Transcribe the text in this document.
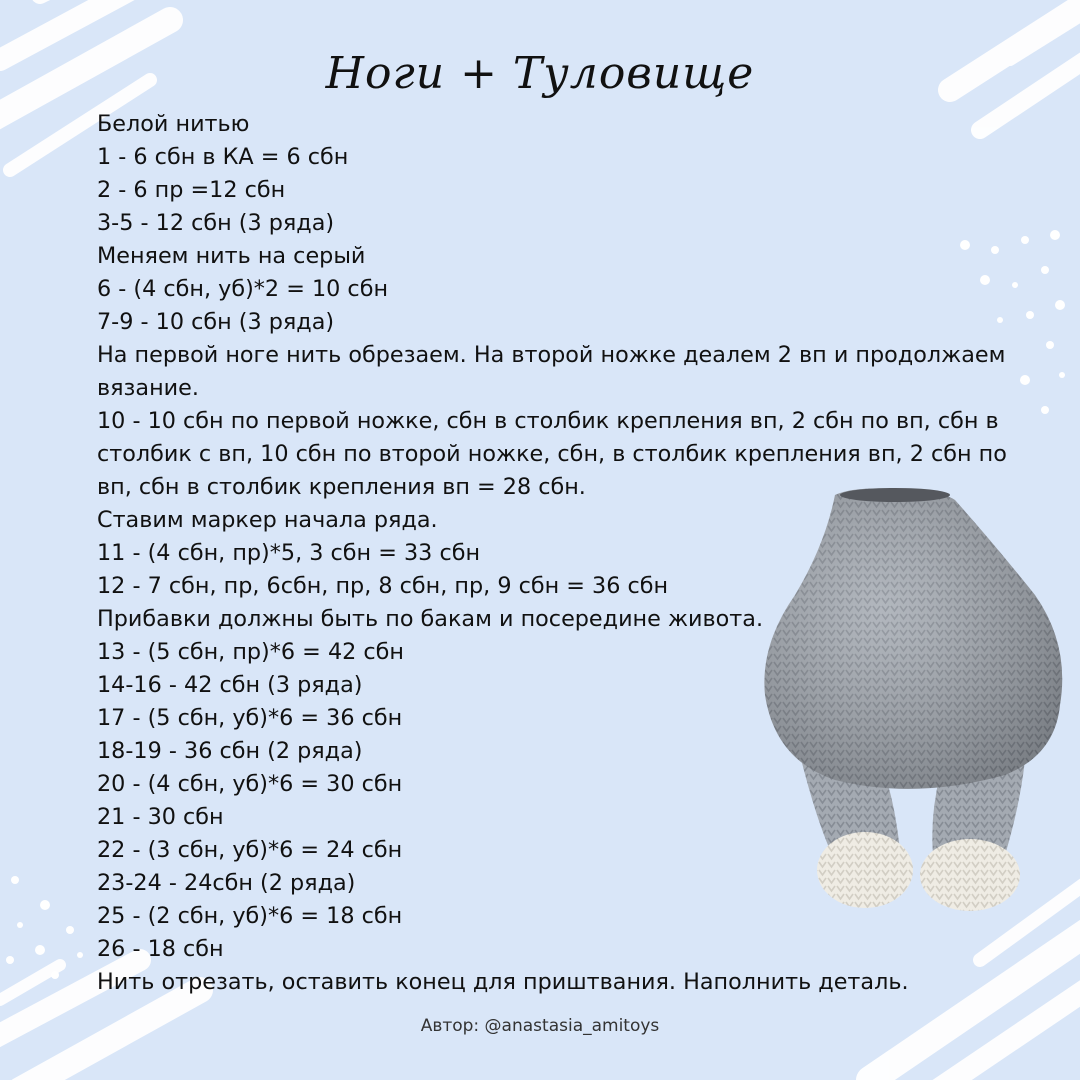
Ноги + Туловище
Белой нитью
1 - 6 сбн в КА = 6 сбн
2 - 6 пр =12 сбн
3-5 - 12 сбн (3 ряда)
Меняем нить на серый
6 - (4 сбн, уб)*2 = 10 сбн
7-9 - 10 сбн (3 ряда)
На первой ноге нить обрезаем. На второй ножке деалем 2 вп и продолжаем вязание.
10 - 10 сбн по первой ножке, сбн в столбик крепления вп, 2 сбн по вп, сбн в столбик с вп, 10 сбн по второй ножке, сбн, в столбик крепления вп, 2 сбн по вп, сбн в столбик крепления вп = 28 сбн.
Ставим маркер начала ряда.
11 - (4 сбн, пр)*5, 3 сбн = 33 сбн
12 - 7 сбн, пр, 6сбн, пр, 8 сбн, пр, 9 сбн = 36 сбн
Прибавки должны быть по бакам и посередине живота.
13 - (5 сбн, пр)*6 = 42 сбн
14-16 - 42 сбн (3 ряда)
17 - (5 сбн, уб)*6 = 36 сбн
18-19 - 36 сбн (2 ряда)
20 - (4 сбн, уб)*6 = 30 сбн
21 - 30 сбн
22 - (3 сбн, уб)*6 = 24 сбн
23-24 - 24сбн (2 ряда)
25 - (2 сбн, уб)*6 = 18 сбн
26 - 18 сбн
Нить отрезать, оставить конец для приштвания. Наполнить деталь.
Автор: @anastasia_amitoys
